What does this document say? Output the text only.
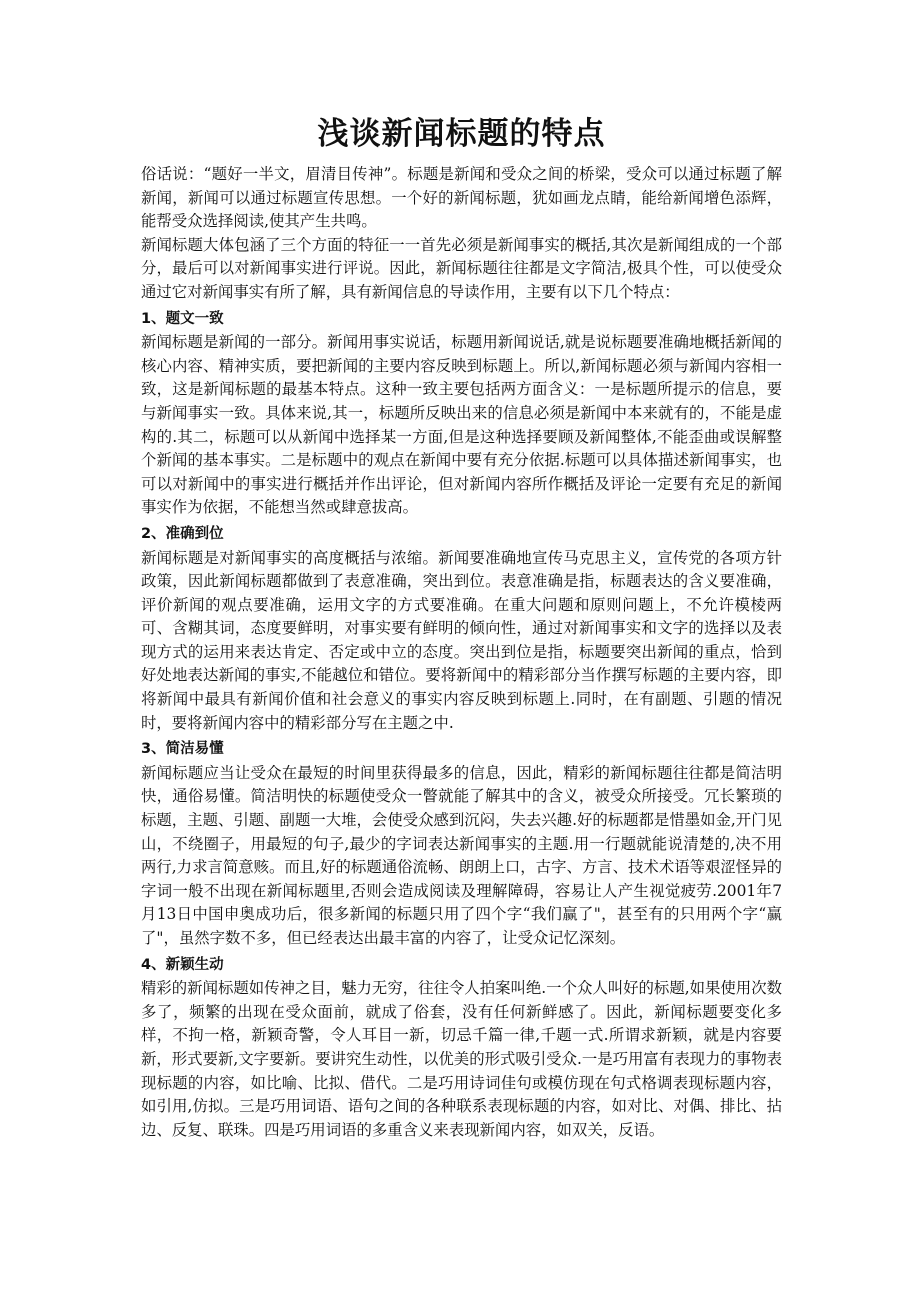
浅谈新闻标题的特点

俗话说：“题好一半文，眉清目传神”。标题是新闻和受众之间的桥梁，受众可以通过标题了解新闻，新闻可以通过标题宣传思想。一个好的新闻标题，犹如画龙点睛，能给新闻增色添辉，能帮受众选择阅读,使其产生共鸣。

新闻标题大体包涵了三个方面的特征一一首先必须是新闻事实的概括,其次是新闻组成的一个部分，最后可以对新闻事实进行评说。因此，新闻标题往往都是文字简洁,极具个性，可以使受众通过它对新闻事实有所了解，具有新闻信息的导读作用，主要有以下几个特点：

1、题文一致

新闻标题是新闻的一部分。新闻用事实说话，标题用新闻说话,就是说标题要准确地概括新闻的核心内容、精神实质，要把新闻的主要内容反映到标题上。所以,新闻标题必须与新闻内容相一致，这是新闻标题的最基本特点。这种一致主要包括两方面含义：一是标题所提示的信息，要与新闻事实一致。具体来说,其一，标题所反映出来的信息必须是新闻中本来就有的，不能是虚构的.其二，标题可以从新闻中选择某一方面,但是这种选择要顾及新闻整体,不能歪曲或误解整个新闻的基本事实。二是标题中的观点在新闻中要有充分依据.标题可以具体描述新闻事实，也可以对新闻中的事实进行概括并作出评论，但对新闻内容所作概括及评论一定要有充足的新闻事实作为依据，不能想当然或肆意拔高。

2、准确到位

新闻标题是对新闻事实的高度概括与浓缩。新闻要准确地宣传马克思主义，宣传党的各项方针政策，因此新闻标题都做到了表意准确，突出到位。表意准确是指，标题表达的含义要准确，评价新闻的观点要准确，运用文字的方式要准确。在重大问题和原则问题上，不允许模棱两可、含糊其词，态度要鲜明，对事实要有鲜明的倾向性，通过对新闻事实和文字的选择以及表现方式的运用来表达肯定、否定或中立的态度。突出到位是指，标题要突出新闻的重点，恰到好处地表达新闻的事实,不能越位和错位。要将新闻中的精彩部分当作撰写标题的主要内容，即将新闻中最具有新闻价值和社会意义的事实内容反映到标题上.同时，在有副题、引题的情况时，要将新闻内容中的精彩部分写在主题之中.

3、简洁易懂

新闻标题应当让受众在最短的时间里获得最多的信息，因此，精彩的新闻标题往往都是简洁明快，通俗易懂。简洁明快的标题使受众一瞥就能了解其中的含义，被受众所接受。冗长繁琐的标题，主题、引题、副题一大堆，会使受众感到沉闷，失去兴趣.好的标题都是惜墨如金,开门见山，不绕圈子，用最短的句子,最少的字词表达新闻事实的主题.用一行题就能说清楚的,决不用两行,力求言简意赅。而且,好的标题通俗流畅、朗朗上口，古字、方言、技术术语等艰涩怪异的字词一般不出现在新闻标题里,否则会造成阅读及理解障碍，容易让人产生视觉疲劳.2001年7月13日中国申奥成功后，很多新闻的标题只用了四个字“我们赢了"，甚至有的只用两个字“赢了"，虽然字数不多，但已经表达出最丰富的内容了，让受众记忆深刻。

4、新颖生动

精彩的新闻标题如传神之目，魅力无穷，往往令人拍案叫绝.一个众人叫好的标题,如果使用次数多了，频繁的出现在受众面前，就成了俗套，没有任何新鲜感了。因此，新闻标题要变化多样，不拘一格，新颖奇警，令人耳目一新，切忌千篇一律,千题一式.所谓求新颖，就是内容要新，形式要新,文字要新。要讲究生动性，以优美的形式吸引受众.一是巧用富有表现力的事物表现标题的内容，如比喻、比拟、借代。二是巧用诗词佳句或模仿现在句式格调表现标题内容，如引用,仿拟。三是巧用词语、语句之间的各种联系表现标题的内容，如对比、对偶、排比、拈边、反复、联珠。四是巧用词语的多重含义来表现新闻内容，如双关，反语。
